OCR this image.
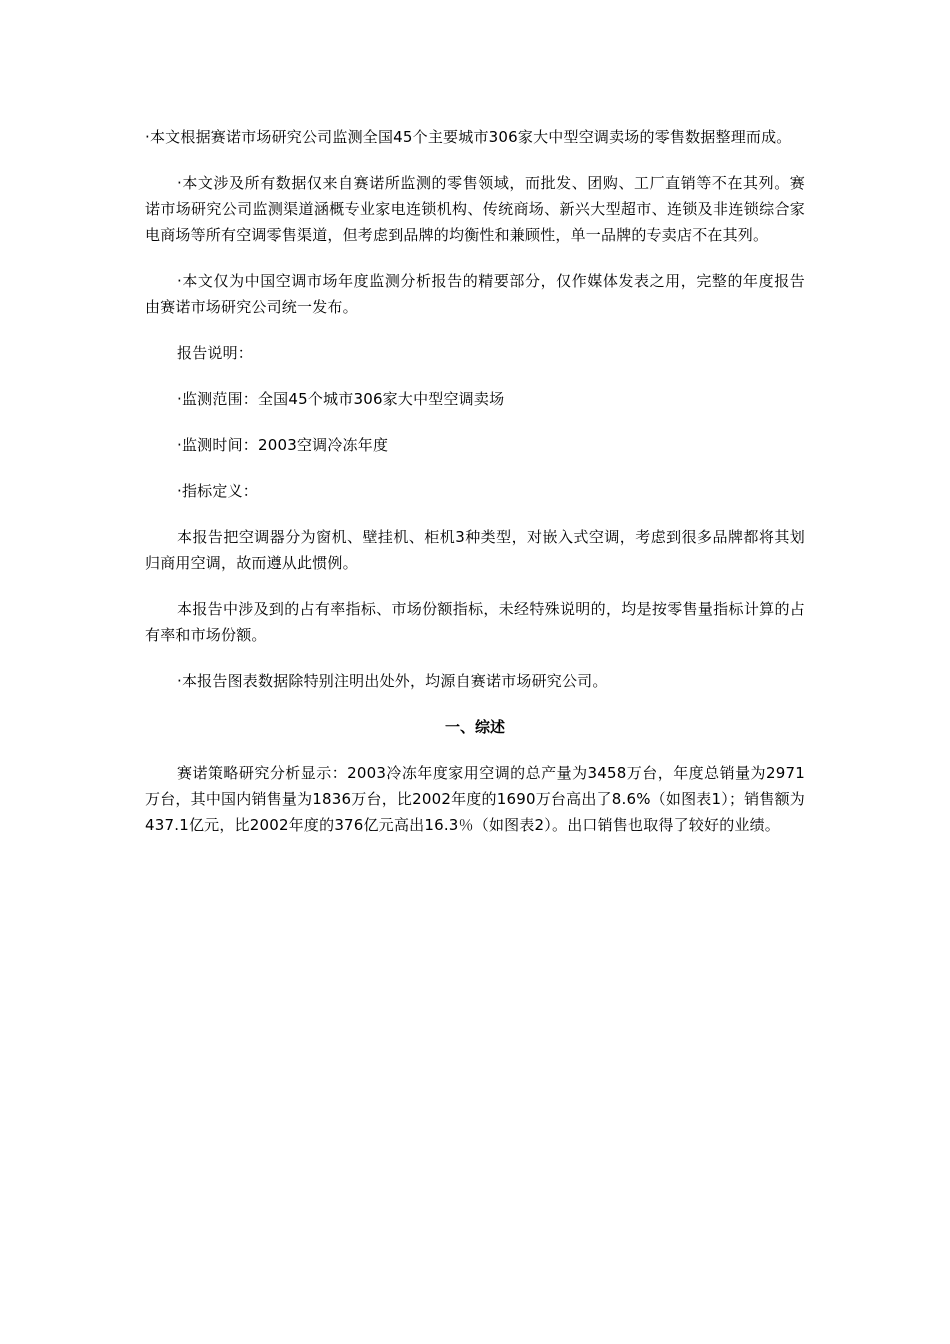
·本文根据赛诺市场研究公司监测全国45个主要城市306家大中型空调卖场的零售数据整理而成。

·本文涉及所有数据仅来自赛诺所监测的零售领域，而批发、团购、工厂直销等不在其列。赛诺市场研究公司监测渠道涵概专业家电连锁机构、传统商场、新兴大型超市、连锁及非连锁综合家电商场等所有空调零售渠道，但考虑到品牌的均衡性和兼顾性，单一品牌的专卖店不在其列。

·本文仅为中国空调市场年度监测分析报告的精要部分，仅作媒体发表之用，完整的年度报告由赛诺市场研究公司统一发布。

报告说明：

·监测范围：全国45个城市306家大中型空调卖场

·监测时间：2003空调冷冻年度

·指标定义：

本报告把空调器分为窗机、壁挂机、柜机3种类型，对嵌入式空调，考虑到很多品牌都将其划归商用空调，故而遵从此惯例。

本报告中涉及到的占有率指标、市场份额指标，未经特殊说明的，均是按零售量指标计算的占有率和市场份额。

·本报告图表数据除特别注明出处外，均源自赛诺市场研究公司。

一、综述

赛诺策略研究分析显示：2003冷冻年度家用空调的总产量为3458万台，年度总销量为2971万台，其中国内销售量为1836万台，比2002年度的1690万台高出了8.6%（如图表1）；销售额为437.1亿元，比2002年度的376亿元高出16.3％（如图表2）。出口销售也取得了较好的业绩。
